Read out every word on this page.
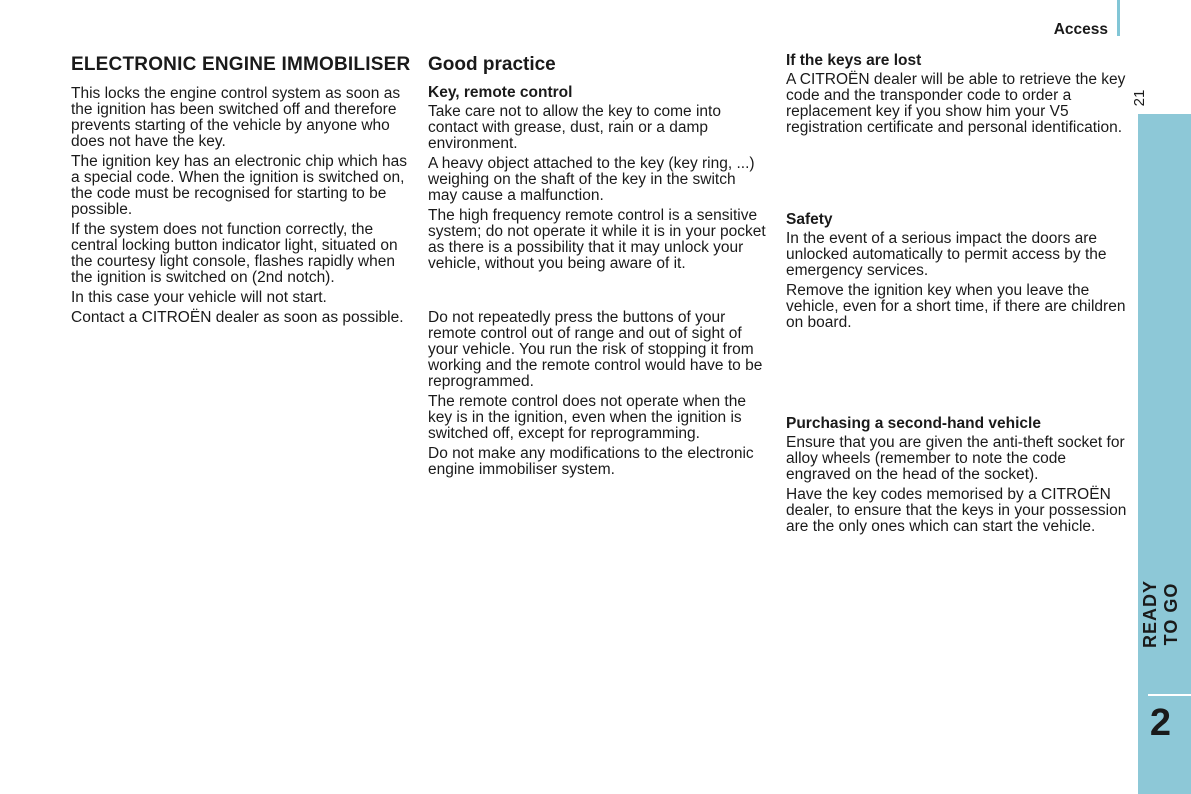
Access
21
ELECTRONIC ENGINE IMMOBILISER

This locks the engine control system as soon as the ignition has been switched off and therefore prevents starting of the vehicle by anyone who does not have the key.

The ignition key has an electronic chip which has a special code. When the ignition is switched on, the code must be recognised for starting to be possible.

If the system does not function correctly, the central locking button indicator light, situated on the courtesy light console, flashes rapidly when the ignition is switched on (2nd notch).

In this case your vehicle will not start.

Contact a CITROËN dealer as soon as possible.

Good practice
Key, remote control

Take care not to allow the key to come into contact with grease, dust, rain or a damp environment.

A heavy object attached to the key (key ring, ...) weighing on the shaft of the key in the switch may cause a malfunction.

The high frequency remote control is a sensitive system; do not operate it while it is in your pocket as there is a possibility that it may unlock your vehicle, without you being aware of it.

Do not repeatedly press the buttons of your remote control out of range and out of sight of your vehicle. You run the risk of stopping it from working and the remote control would have to be reprogrammed.

The remote control does not operate when the key is in the ignition, even when the ignition is switched off, except for reprogramming.

Do not make any modifications to the electronic engine immobiliser system.

If the keys are lost

A CITROËN dealer will be able to retrieve the key code and the transponder code to order a replacement key if you show him your V5 registration certificate and personal identification.

Safety

In the event of a serious impact the doors are unlocked automatically to permit access by the emergency services.

Remove the ignition key when you leave the vehicle, even for a short time, if there are children on board.

Purchasing a second-hand vehicle

Ensure that you are given the anti-theft socket for alloy wheels (remember to note the code engraved on the head of the socket).

Have the key codes memorised by a CITROËN dealer, to ensure that the keys in your possession are the only ones which can start the vehicle.

READY TO GO
2
